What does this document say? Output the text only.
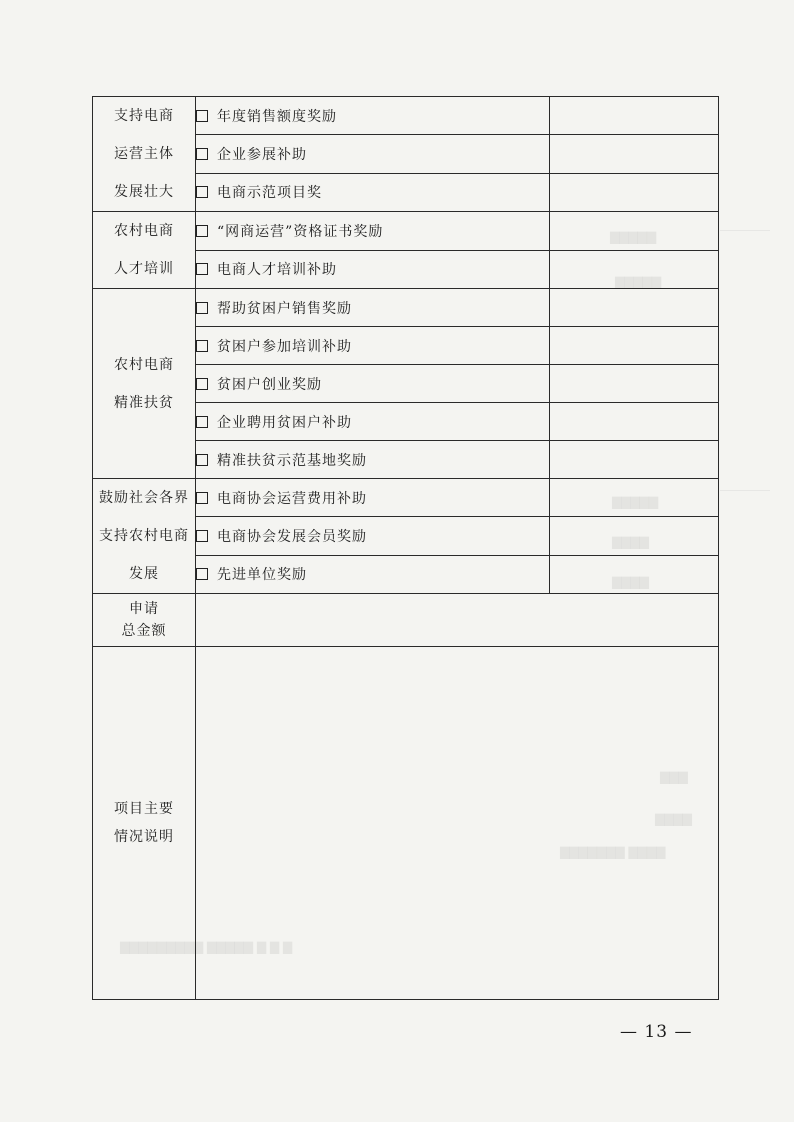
▇▇▇▇▇
▇▇▇▇▇
▇▇▇▇▇
▇▇▇▇
▇▇▇▇
▇▇▇
▇▇▇▇
▇▇▇▇▇▇▇ ▇▇▇▇
▇▇▇▇▇▇▇▇▇ ▇▇▇▇▇ ▇ ▇ ▇
支持电商
运营主体
发展壮大	年度销售额度奖励	
	企业参展补助	
	电商示范项目奖	

农村电商
人才培训	“网商运营”资格证书奖励	
	电商人才培训补助	

农村电商
精准扶贫	帮助贫困户销售奖励	
	贫困户参加培训补助	
	贫困户创业奖励	
	企业聘用贫困户补助	
	精准扶贫示范基地奖励	

鼓励社会各界
支持农村电商
发展	电商协会运营费用补助	
	电商协会发展会员奖励	
	先进单位奖励	

申请
总金额		

项目主要
情况说明		

— 13 —
